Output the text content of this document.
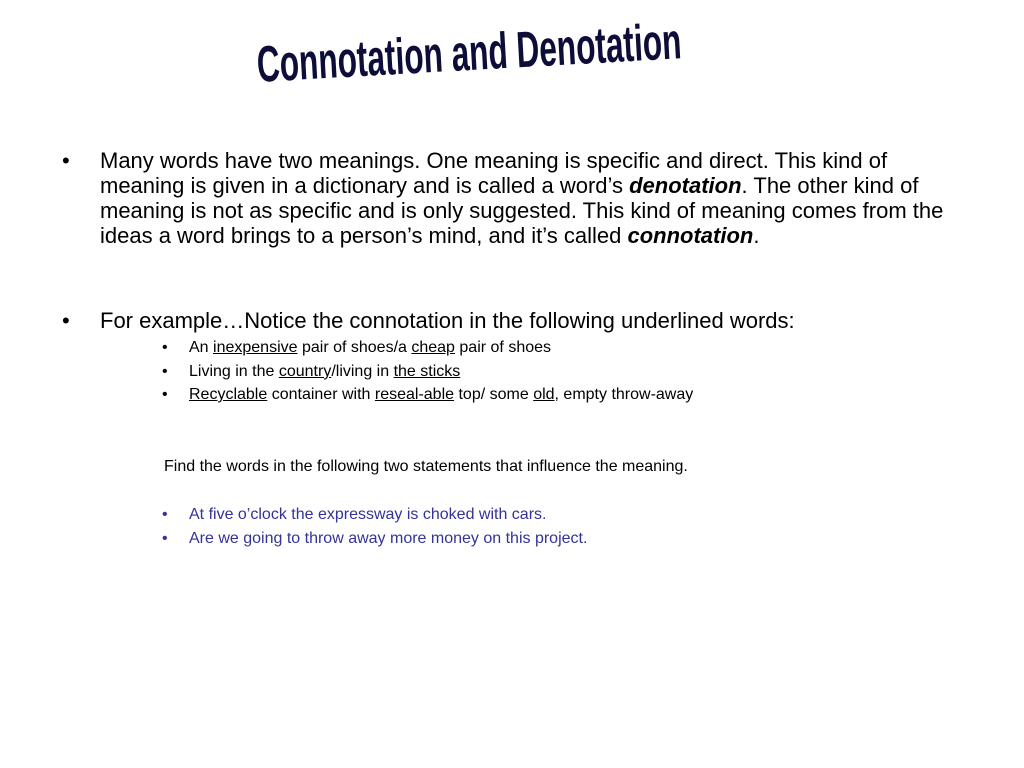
Connotation and Denotation
•	Many words have two meanings. One meaning is specific and direct. This kind of meaning is given in a dictionary and is called a word’s denotation. The other kind of meaning is not as specific and is only suggested. This kind of meaning comes from the ideas a word brings to a person’s mind, and it’s called connotation.
•	For example…Notice the connotation in the following underlined words:
• An inexpensive pair of shoes/a cheap pair of shoes
• Living in the country/living in the sticks
• Recyclable container with reseal-able top/ some old, empty throw-away
Find the words in the following two statements that influence the meaning.
• At five o’clock the expressway is choked with cars.
• Are we going to throw away more money on this project.
